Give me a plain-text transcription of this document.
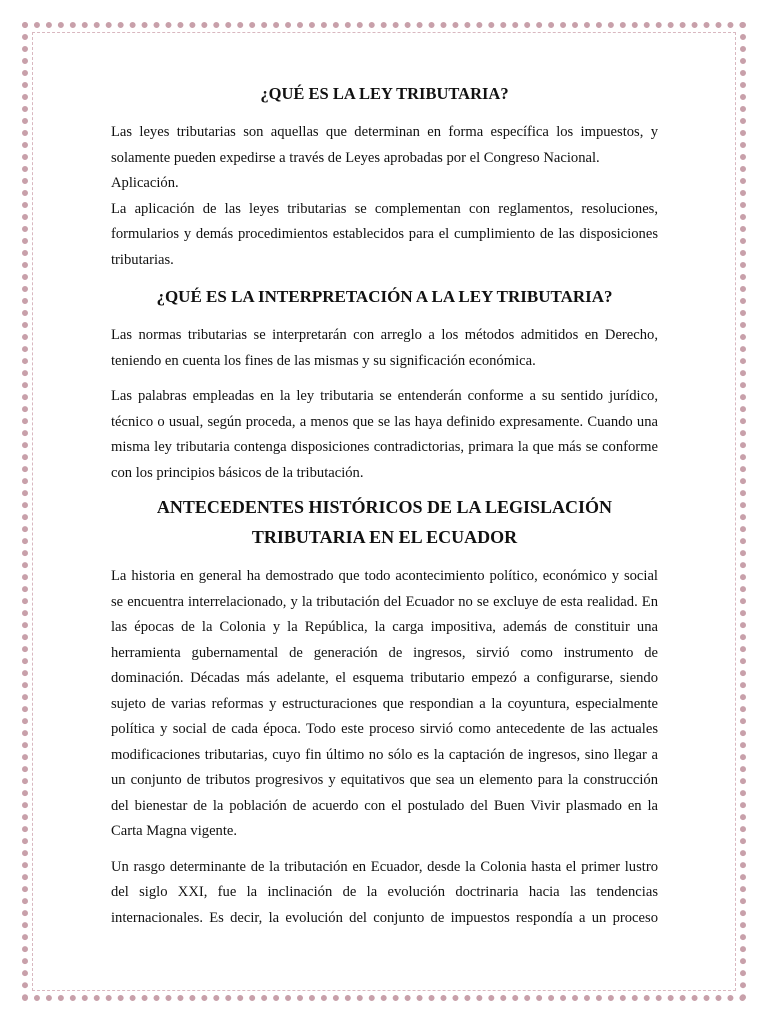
¿QUÉ ES LA LEY TRIBUTARIA?

Las leyes tributarias son aquellas que determinan en forma específica los impuestos, y solamente pueden expedirse a través de Leyes aprobadas por el Congreso Nacional.

Aplicación.

La aplicación de las leyes tributarias se complementan con reglamentos, resoluciones, formularios y demás procedimientos establecidos para el cumplimiento de las disposiciones tributarias.

¿QUÉ ES LA INTERPRETACIÓN A LA LEY TRIBUTARIA?

Las normas tributarias se interpretarán con arreglo a los métodos admitidos en Derecho, teniendo en cuenta los fines de las mismas y su significación económica.

Las palabras empleadas en la ley tributaria se entenderán conforme a su sentido jurídico, técnico o usual, según proceda, a menos que se las haya definido expresamente. Cuando una misma ley tributaria contenga disposiciones contradictorias, primara la que más se conforme con los principios básicos de la tributación.

ANTECEDENTES HISTÓRICOS DE LA LEGISLACIÓN TRIBUTARIA EN EL ECUADOR

La historia en general ha demostrado que todo acontecimiento político, económico y social se encuentra interrelacionado, y la tributación del Ecuador no se excluye de esta realidad. En las épocas de la Colonia y la República, la carga impositiva, además de constituir una herramienta gubernamental de generación de ingresos, sirvió como instrumento de dominación. Décadas más adelante, el esquema tributario empezó a configurarse, siendo sujeto de varias reformas y estructuraciones que respondian a la coyuntura, especialmente política y social de cada época. Todo este proceso sirvió como antecedente de las actuales modificaciones tributarias, cuyo fin último no sólo es la captación de ingresos, sino llegar a un conjunto de tributos progresivos y equitativos que sea un elemento para la construcción del bienestar de la población de acuerdo con el postulado del Buen Vivir plasmado en la Carta Magna vigente.

Un rasgo determinante de la tributación en Ecuador, desde la Colonia hasta el primer lustro del siglo XXI, fue la inclinación de la evolución doctrinaria hacia las tendencias internacionales. Es decir, la evolución del conjunto de impuestos respondía a un proceso
